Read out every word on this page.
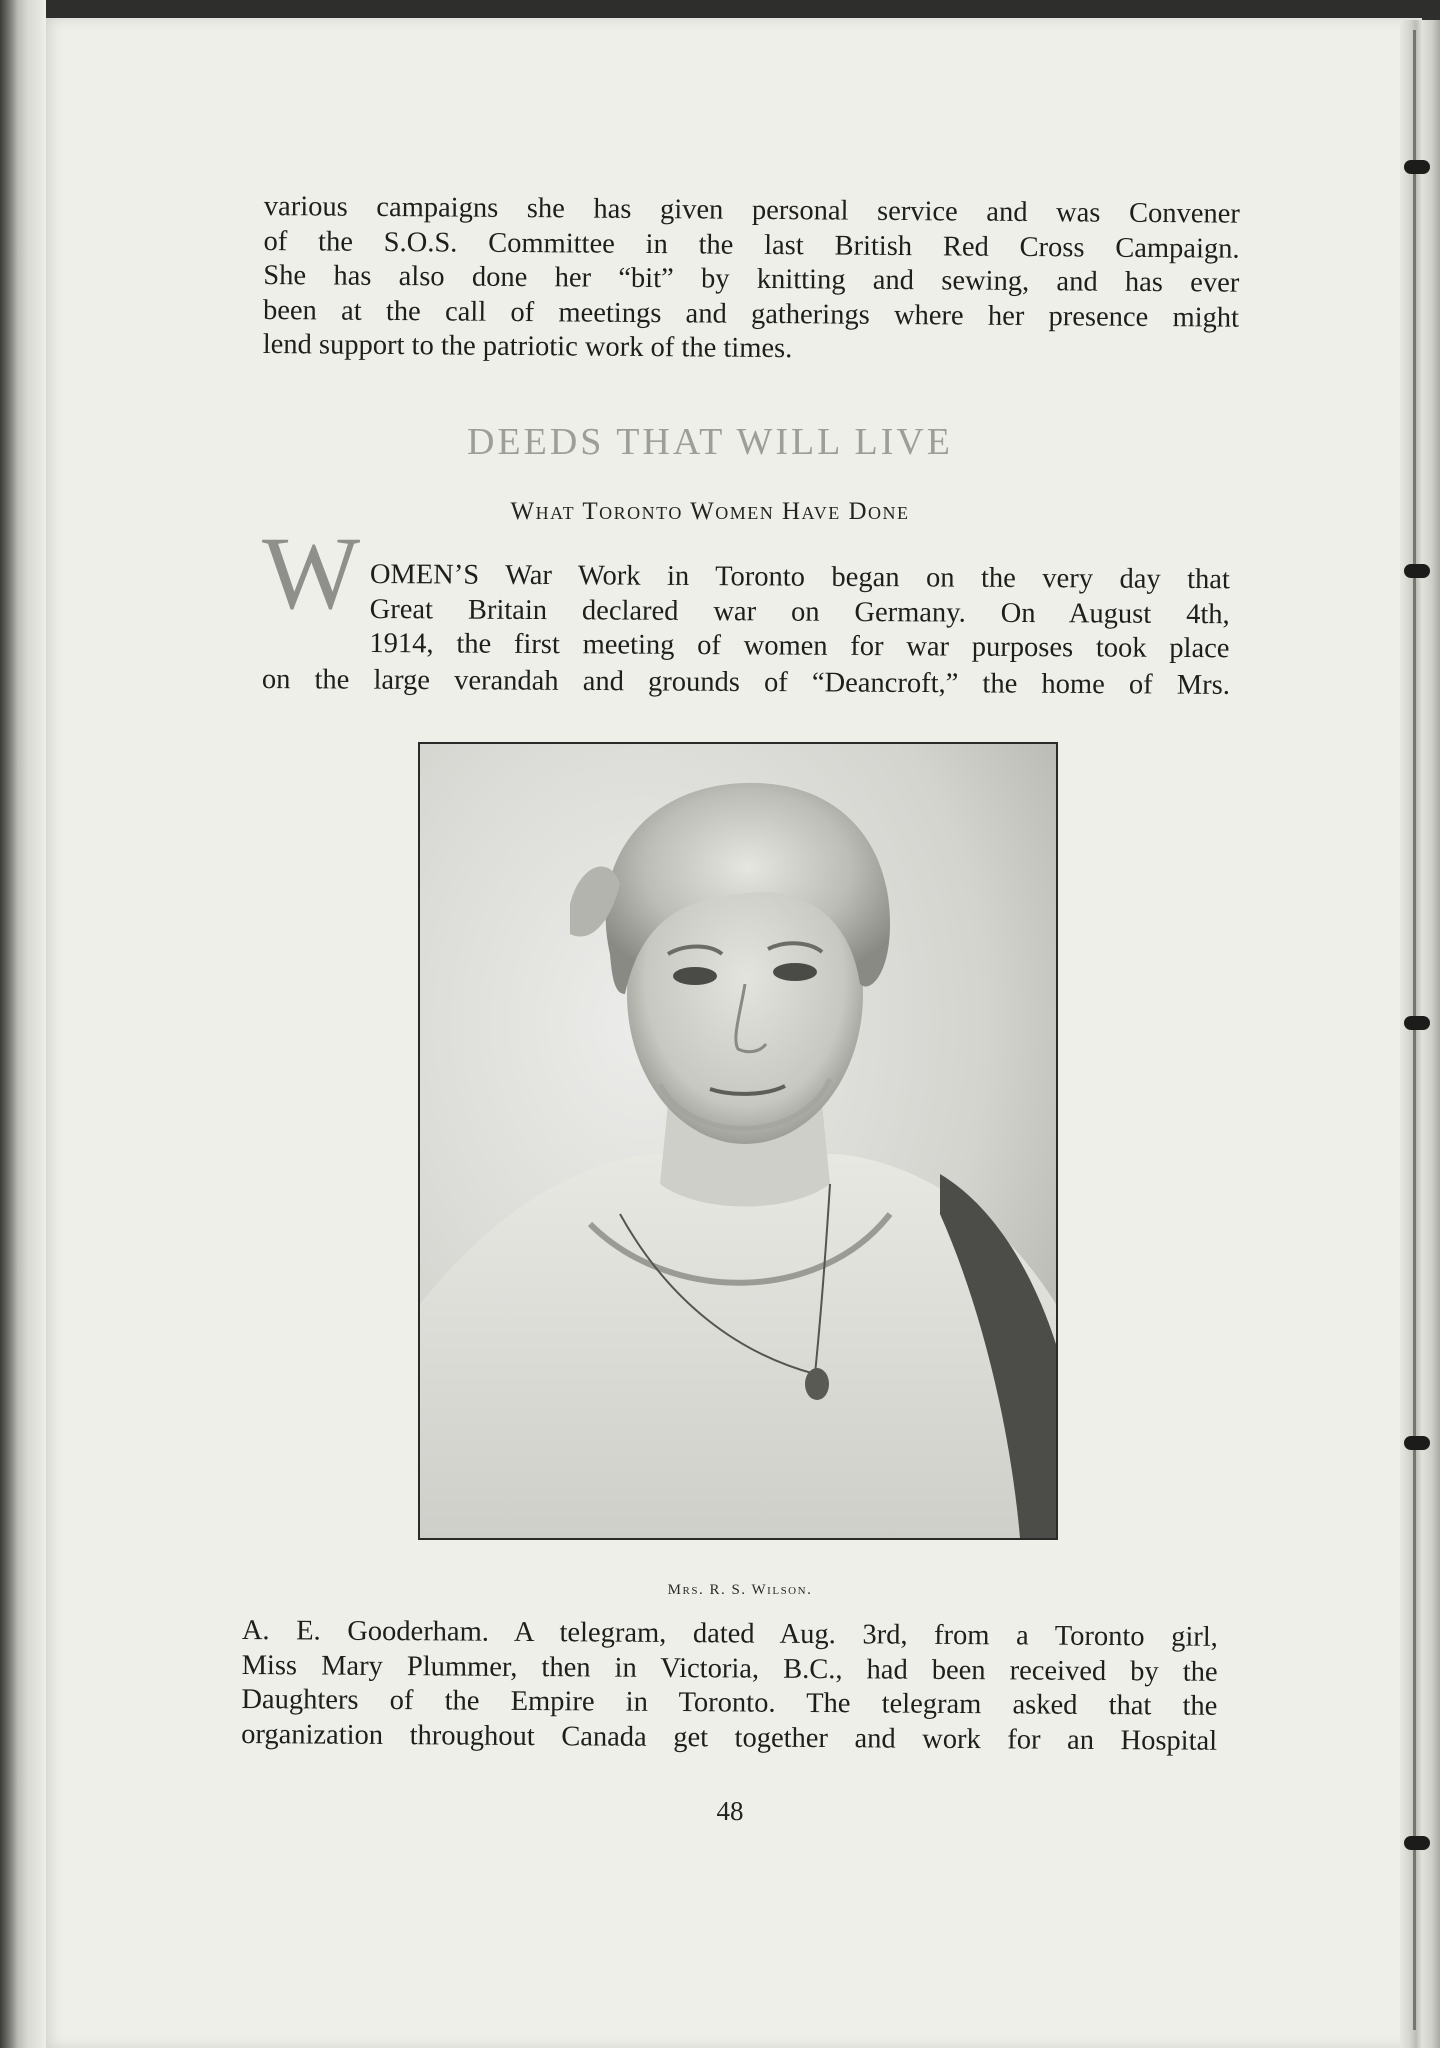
various campaigns she has given personal service and was Convener
of the S.O.S. Committee in the last British Red Cross Campaign.
She has also done her “bit” by knitting and sewing, and has ever
been at the call of meetings and gatherings where her presence might
lend support to the patriotic work of the times.
DEEDS THAT WILL LIVE
What Toronto Women Have Done
W OMEN’S War Work in Toronto began on the very day that
Great Britain declared war on Germany. On August 4th,
1914, the first meeting of women for war purposes took place
on the large verandah and grounds of “Deancroft,” the home of Mrs.
Mrs. R. S. Wilson.
A. E. Gooderham. A telegram, dated Aug. 3rd, from a Toronto girl,
Miss Mary Plummer, then in Victoria, B.C., had been received by the
Daughters of the Empire in Toronto. The telegram asked that the
organization throughout Canada get together and work for an Hospital
48
